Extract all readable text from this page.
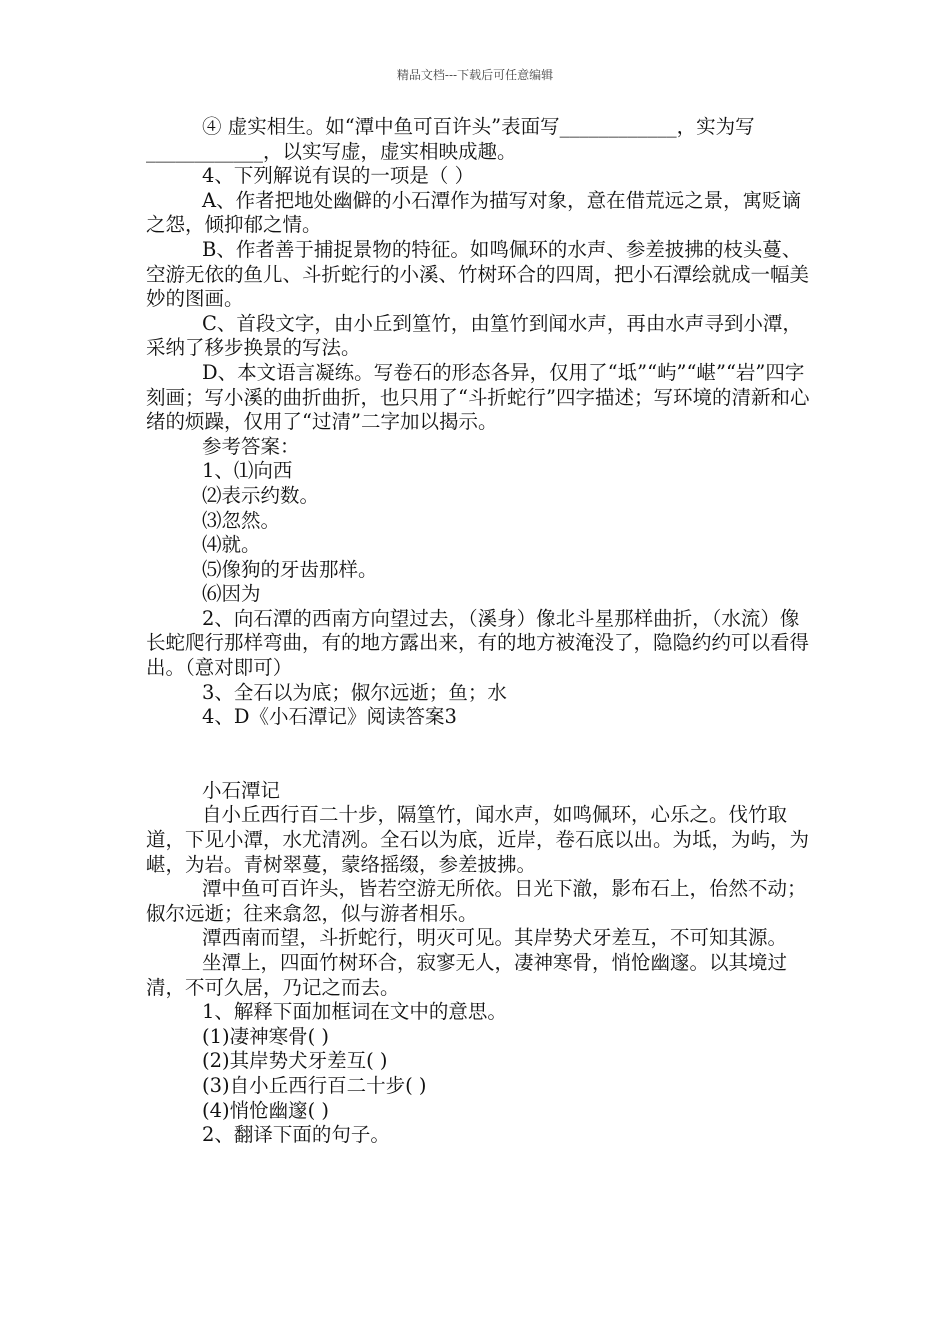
精品文档---下载后可任意编辑

④ 虚实相生。如“潭中鱼可百许头”表面写____________，实为写____________，以实写虚，虚实相映成趣。

4、下列解说有误的一项是（ ）

A、作者把地处幽僻的小石潭作为描写对象，意在借荒远之景，寓贬谪之怨，倾抑郁之情。

B、作者善于捕捉景物的特征。如鸣佩环的水声、参差披拂的枝头蔓、空游无依的鱼儿、斗折蛇行的小溪、竹树环合的四周，把小石潭绘就成一幅美妙的图画。

C、首段文字，由小丘到篁竹，由篁竹到闻水声，再由水声寻到小潭，采纳了移步换景的写法。

D、本文语言凝练。写卷石的形态各异，仅用了“坻”“屿”“嵁”“岩”四字刻画；写小溪的曲折曲折，也只用了“斗折蛇行”四字描述；写环境的清新和心绪的烦躁，仅用了“过清”二字加以揭示。

参考答案：

1、⑴向西

⑵表示约数。

⑶忽然。

⑷就。

⑸像狗的牙齿那样。

⑹因为

2、向石潭的西南方向望过去，（溪身）像北斗星那样曲折，（水流）像长蛇爬行那样弯曲，有的地方露出来，有的地方被淹没了，隐隐约约可以看得出。（意对即可）

3、全石以为底；俶尔远逝；鱼；水

4、D《小石潭记》阅读答案3

小石潭记

自小丘西行百二十步，隔篁竹，闻水声，如鸣佩环，心乐之。伐竹取道，下见小潭，水尤清冽。全石以为底，近岸，卷石底以出。为坻，为屿，为嵁，为岩。青树翠蔓，蒙络摇缀，参差披拂。

潭中鱼可百许头，皆若空游无所依。日光下澈，影布石上，佁然不动；俶尔远逝；往来翕忽，似与游者相乐。

潭西南而望，斗折蛇行，明灭可见。其岸势犬牙差互，不可知其源。

坐潭上，四面竹树环合，寂寥无人，凄神寒骨，悄怆幽邃。以其境过清，不可久居，乃记之而去。

1、解释下面加框词在文中的意思。

(1)凄神寒骨( )

(2)其岸势犬牙差互( )

(3)自小丘西行百二十步( )

(4)悄怆幽邃( )

2、翻译下面的句子。
